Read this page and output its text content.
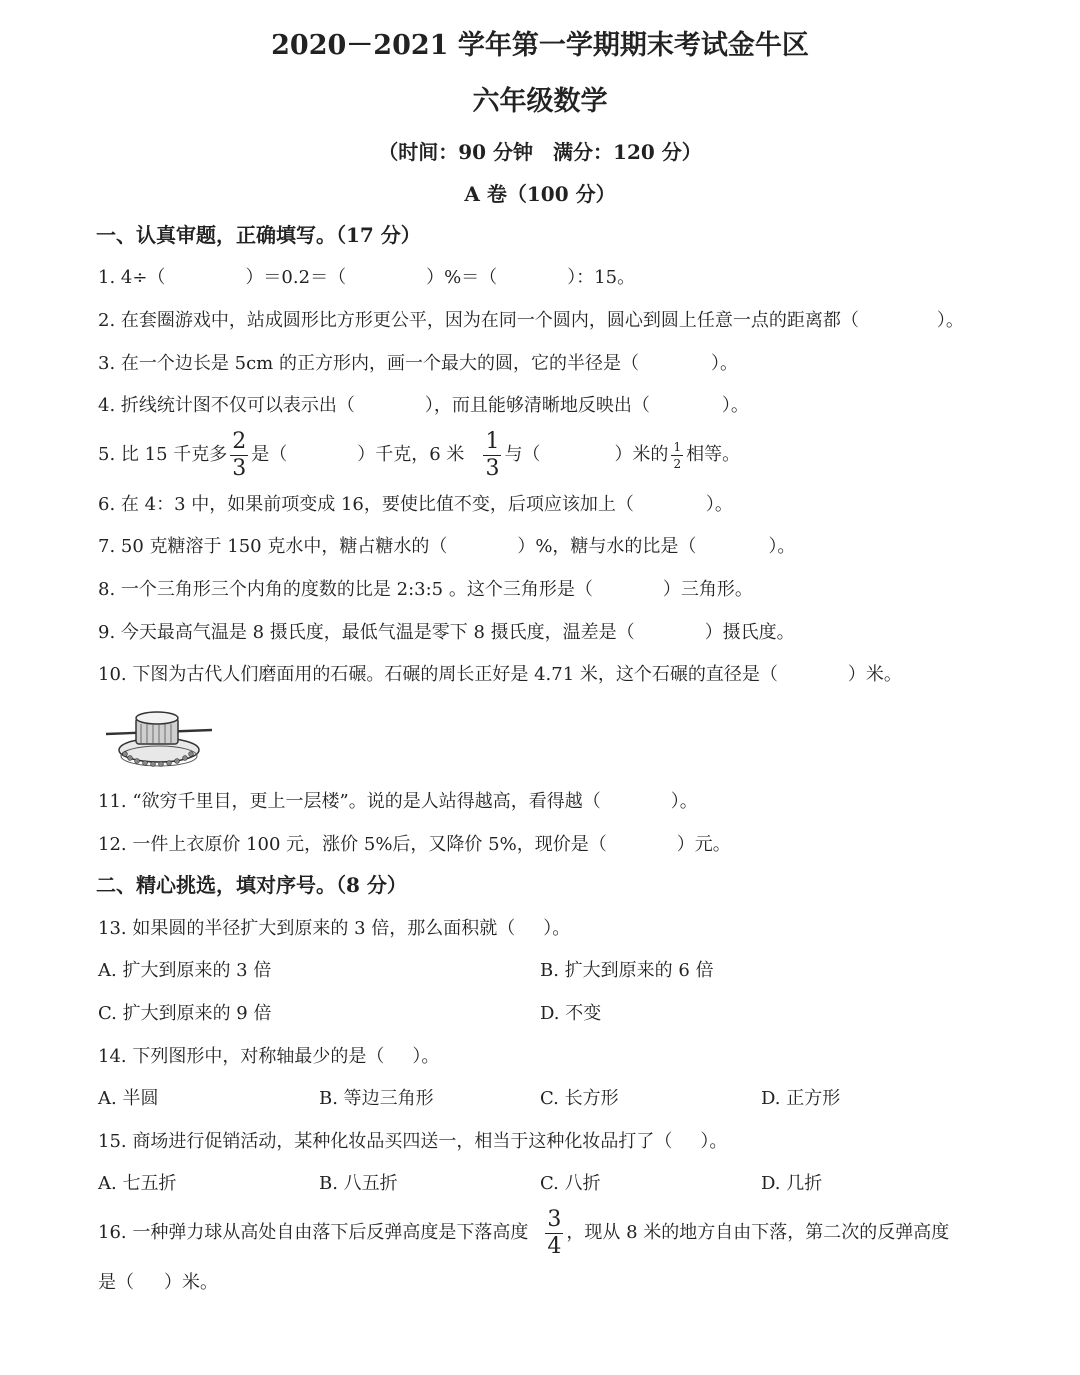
2020－2021 学年第一学期期末考试金牛区
六年级数学
（时间：90 分钟　满分：120 分）
A 卷（100 分）
一、认真审题，正确填写。（17 分）
1. 4÷（	）＝0.2＝（	）%＝（	）：15。
2. 在套圈游戏中，站成圆形比方形更公平，因为在同一个圆内，圆心到圆上任意一点的距离都（	）。
3. 在一个边长是 5cm 的正方形内，画一个最大的圆，它的半径是（	）。
4. 折线统计图不仅可以表示出（	），而且能够清晰地反映出（	）。
5. 比 15 千克多 $\frac{2}{3}$ 是（	）千克，6 米 $\frac{1}{3}$ 与（	）米的 $\frac{1}{2}$ 相等。
6. 在 4：3 中，如果前项变成 16，要使比值不变，后项应该加上（	）。
7. 50 克糖溶于 150 克水中，糖占糖水的（	）%，糖与水的比是（	）。
8. 一个三角形三个内角的度数的比是 2:3:5 。这个三角形是（	）三角形。
9. 今天最高气温是 8 摄氏度，最低气温是零下 8 摄氏度，温差是（	）摄氏度。
10. 下图为古代人们磨面用的石碾。石碾的周长正好是 4.71 米，这个石碾的直径是（	）米。
11. “欲穷千里目，更上一层楼”。说的是人站得越高，看得越（	）。
12. 一件上衣原价 100 元，涨价 5%后，又降价 5%，现价是（	）元。
二、精心挑选，填对序号。（8 分）
13. 如果圆的半径扩大到原来的 3 倍，那么面积就（ ）。
A. 扩大到原来的 3 倍	B. 扩大到原来的 6 倍
C. 扩大到原来的 9 倍	D. 不变
14. 下列图形中，对称轴最少的是（ ）。
A. 半圆	B. 等边三角形	C. 长方形	D. 正方形
15. 商场进行促销活动，某种化妆品买四送一，相当于这种化妆品打了（ ）。
A. 七五折	B. 八五折	C. 八折	D. 几折
16. 一种弹力球从高处自由落下后反弹高度是下落高度 $\frac{3}{4}$ ，现从 8 米的地方自由下落，第二次的反弹高度
是（ ）米。
